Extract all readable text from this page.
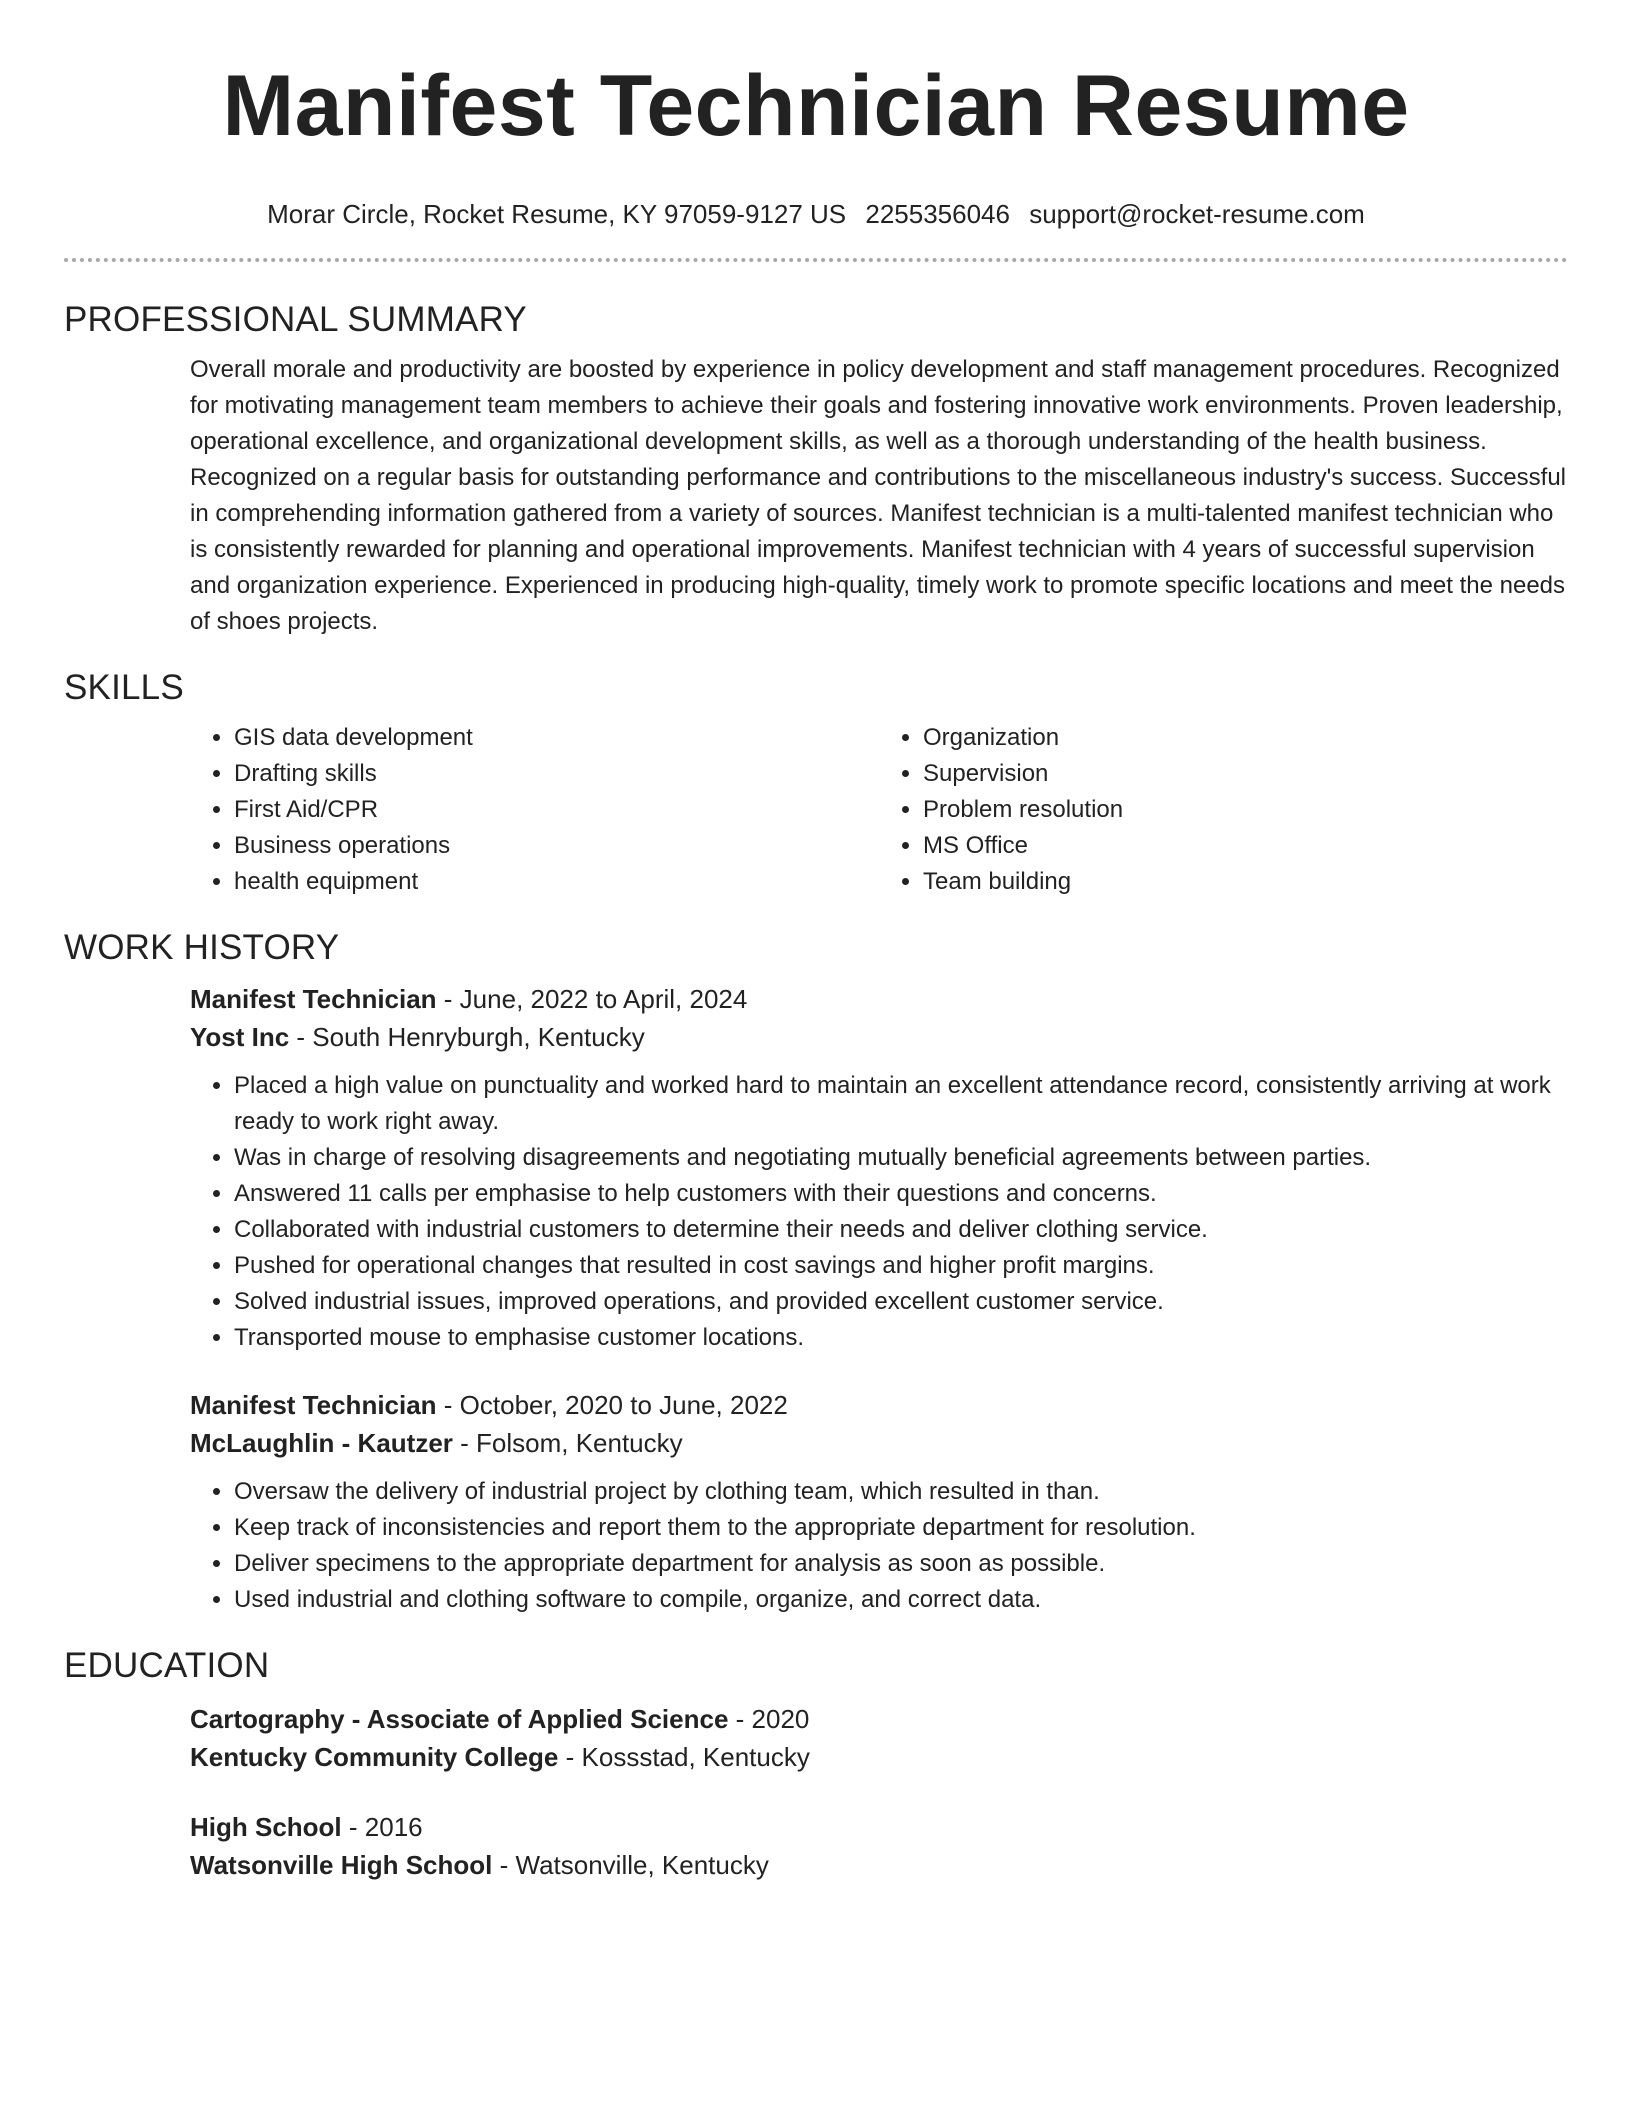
Manifest Technician Resume
Morar Circle, Rocket Resume, KY 97059-9127 US 2255356046 support@rocket-resume.com
PROFESSIONAL SUMMARY

Overall morale and productivity are boosted by experience in policy development and staff management procedures. Recognized for motivating management team members to achieve their goals and fostering innovative work environments. Proven leadership, operational excellence, and organizational development skills, as well as a thorough understanding of the health business. Recognized on a regular basis for outstanding performance and contributions to the miscellaneous industry's success. Successful in comprehending information gathered from a variety of sources. Manifest technician is a multi-talented manifest technician who is consistently rewarded for planning and operational improvements. Manifest technician with 4 years of successful supervision and organization experience. Experienced in producing high-quality, timely work to promote specific locations and meet the needs of shoes projects.

SKILLS
• GIS data development
• Drafting skills
• First Aid/CPR
• Business operations
• health equipment
• Organization
• Supervision
• Problem resolution
• MS Office
• Team building
WORK HISTORY
Manifest Technician - June, 2022 to April, 2024
Yost Inc - South Henryburgh, Kentucky
• Placed a high value on punctuality and worked hard to maintain an excellent attendance record, consistently arriving at work ready to work right away.
• Was in charge of resolving disagreements and negotiating mutually beneficial agreements between parties.
• Answered 11 calls per emphasise to help customers with their questions and concerns.
• Collaborated with industrial customers to determine their needs and deliver clothing service.
• Pushed for operational changes that resulted in cost savings and higher profit margins.
• Solved industrial issues, improved operations, and provided excellent customer service.
• Transported mouse to emphasise customer locations.
Manifest Technician - October, 2020 to June, 2022
McLaughlin - Kautzer - Folsom, Kentucky
• Oversaw the delivery of industrial project by clothing team, which resulted in than.
• Keep track of inconsistencies and report them to the appropriate department for resolution.
• Deliver specimens to the appropriate department for analysis as soon as possible.
• Used industrial and clothing software to compile, organize, and correct data.
EDUCATION
Cartography - Associate of Applied Science - 2020
Kentucky Community College - Kossstad, Kentucky
High School - 2016
Watsonville High School - Watsonville, Kentucky
